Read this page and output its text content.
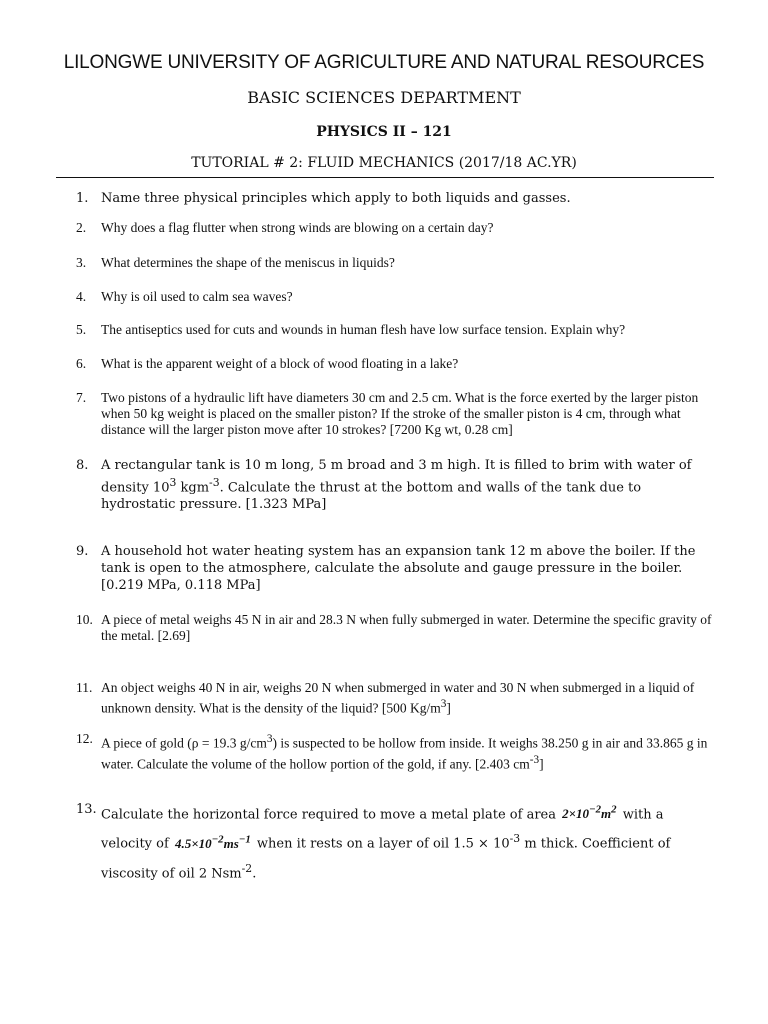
LILONGWE UNIVERSITY OF AGRICULTURE AND NATURAL RESOURCES
BASIC SCIENCES DEPARTMENT
PHYSICS II – 121
TUTORIAL # 2: FLUID MECHANICS (2017/18 AC.YR)
1. Name three physical principles which apply to both liquids and gasses.
2. Why does a flag flutter when strong winds are blowing on a certain day?
3. What determines the shape of the meniscus in liquids?
4. Why is oil used to calm sea waves?
5. The antiseptics used for cuts and wounds in human flesh have low surface tension. Explain why?
6. What is the apparent weight of a block of wood floating in a lake?
7. Two pistons of a hydraulic lift have diameters 30 cm and 2.5 cm. What is the force exerted by the larger piston when 50 kg weight is placed on the smaller piston? If the stroke of the smaller piston is 4 cm, through what distance will the larger piston move after 10 strokes? [7200 Kg wt, 0.28 cm]
8. A rectangular tank is 10 m long, 5 m broad and 3 m high. It is filled to brim with water of density $10^3$ kgm$^{-3}$. Calculate the thrust at the bottom and walls of the tank due to hydrostatic pressure. [1.323 MPa]
9. A household hot water heating system has an expansion tank 12 m above the boiler. If the tank is open to the atmosphere, calculate the absolute and gauge pressure in the boiler. [0.219 MPa, 0.118 MPa]
10. A piece of metal weighs 45 N in air and 28.3 N when fully submerged in water. Determine the specific gravity of the metal. [2.69]
11. An object weighs 40 N in air, weighs 20 N when submerged in water and 30 N when submerged in a liquid of unknown density. What is the density of the liquid? [500 $Kg/m^3$]
12. A piece of gold (ρ = 19.3 $g/cm^3$) is suspected to be hollow from inside. It weighs 38.250 g in air and 33.865 g in water. Calculate the volume of the hollow portion of the gold, if any. [2.403 $cm^{-3}$]
13. Calculate the horizontal force required to move a metal plate of area $2\times 10^{-2}m^2$ with a velocity of $4.5\times 10^{-2}ms^{-1}$ when it rests on a layer of oil $1.5 \times 10^{-3}$ m thick. Coefficient of viscosity of oil 2 Nsm$^{-2}$.
